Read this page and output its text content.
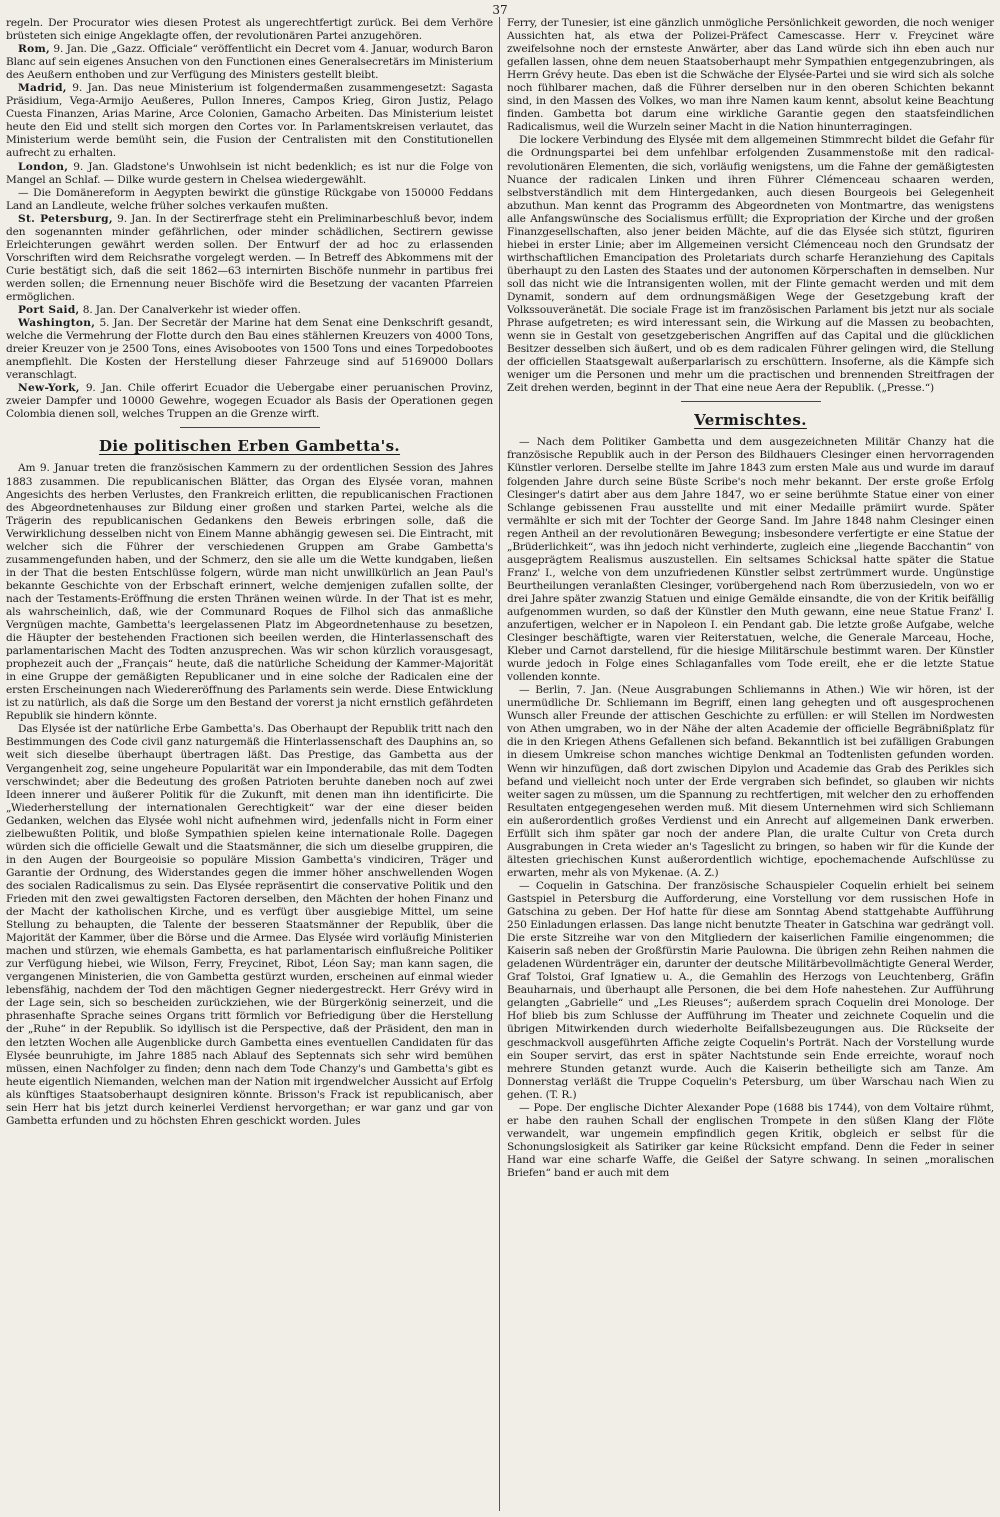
37

regeln. Der Procurator wies diesen Protest als ungerechtfertigt zurück. Bei dem Verhöre brüsteten sich einige Angeklagte offen, der revolutionären Partei anzugehören.

Rom, 9. Jan. Die „Gazz. Officiale“ veröffentlicht ein Decret vom 4. Januar, wodurch Baron Blanc auf sein eigenes Ansuchen von den Functionen eines Generalsecretärs im Ministerium des Aeußern enthoben und zur Verfügung des Ministers gestellt bleibt.

Madrid, 9. Jan. Das neue Ministerium ist folgendermaßen zusammengesetzt: Sagasta Präsidium, Vega-Armijo Aeußeres, Pullon Inneres, Campos Krieg, Giron Justiz, Pelago Cuesta Finanzen, Arias Marine, Arce Colonien, Gamacho Arbeiten. Das Ministerium leistet heute den Eid und stellt sich morgen den Cortes vor. In Parlamentskreisen verlautet, das Ministerium werde bemüht sein, die Fusion der Centralisten mit den Constitutionellen aufrecht zu erhalten.

London, 9. Jan. Gladstone's Unwohlsein ist nicht bedenklich; es ist nur die Folge von Mangel an Schlaf. — Dilke wurde gestern in Chelsea wiedergewählt.

— Die Domänereform in Aegypten bewirkt die günstige Rückgabe von 150000 Feddans Land an Landleute, welche früher solches verkaufen mußten.

St. Petersburg, 9. Jan. In der Sectirerfrage steht ein Preliminarbeschluß bevor, indem den sogenannten minder gefährlichen, oder minder schädlichen, Sectirern gewisse Erleichterungen gewährt werden sollen. Der Entwurf der ad hoc zu erlassenden Vorschriften wird dem Reichsrathe vorgelegt werden. — In Betreff des Abkommens mit der Curie bestätigt sich, daß die seit 1862—63 internirten Bischöfe nunmehr in partibus frei werden sollen; die Ernennung neuer Bischöfe wird die Besetzung der vacanten Pfarreien ermöglichen.

Port Said, 8. Jan. Der Canalverkehr ist wieder offen.

Washington, 5. Jan. Der Secretär der Marine hat dem Senat eine Denkschrift gesandt, welche die Vermehrung der Flotte durch den Bau eines stählernen Kreuzers von 4000 Tons, dreier Kreuzer von je 2500 Tons, eines Avisobootes von 1500 Tons und eines Torpedobootes anempfiehlt. Die Kosten der Herstellung dieser Fahrzeuge sind auf 5169000 Dollars veranschlagt.

New-York, 9. Jan. Chile offerirt Ecuador die Uebergabe einer peruanischen Provinz, zweier Dampfer und 10000 Gewehre, wogegen Ecuador als Basis der Operationen gegen Colombia dienen soll, welches Truppen an die Grenze wirft.

Die politischen Erben Gambetta's.

Am 9. Januar treten die französischen Kammern zu der ordentlichen Session des Jahres 1883 zusammen. Die republicanischen Blätter, das Organ des Elysée voran, mahnen Angesichts des herben Verlustes, den Frankreich erlitten, die republicanischen Fractionen des Abgeordnetenhauses zur Bildung einer großen und starken Partei, welche als die Trägerin des republicanischen Gedankens den Beweis erbringen solle, daß die Verwirklichung desselben nicht von Einem Manne abhängig gewesen sei. Die Eintracht, mit welcher sich die Führer der verschiedenen Gruppen am Grabe Gambetta's zusammengefunden haben, und der Schmerz, den sie alle um die Wette kundgaben, ließen in der That die besten Entschlüsse folgern, würde man nicht unwillkürlich an Jean Paul's bekannte Geschichte von der Erbschaft erinnert, welche demjenigen zufallen sollte, der nach der Testaments-Eröffnung die ersten Thränen weinen würde. In der That ist es mehr, als wahrscheinlich, daß, wie der Communard Roques de Filhol sich das anmaßliche Vergnügen machte, Gambetta's leergelassenen Platz im Abgeordnetenhause zu besetzen, die Häupter der bestehenden Fractionen sich beeilen werden, die Hinterlassenschaft des parlamentarischen Macht des Todten anzusprechen. Was wir schon kürzlich vorausgesagt, prophezeit auch der „Français“ heute, daß die natürliche Scheidung der Kammer-Majorität in eine Gruppe der gemäßigten Republicaner und in eine solche der Radicalen eine der ersten Erscheinungen nach Wiedereröffnung des Parlaments sein werde. Diese Entwicklung ist zu natürlich, als daß die Sorge um den Bestand der vorerst ja nicht ernstlich gefährdeten Republik sie hindern könnte.

Das Elysée ist der natürliche Erbe Gambetta's. Das Oberhaupt der Republik tritt nach den Bestimmungen des Code civil ganz naturgemäß die Hinterlassenschaft des Dauphins an, so weit sich dieselbe überhaupt übertragen läßt. Das Prestige, das Gambetta aus der Vergangenheit zog, seine ungeheure Popularität war ein Imponderabile, das mit dem Todten verschwindet; aber die Bedeutung des großen Patrioten beruhte daneben noch auf zwei Ideen innerer und äußerer Politik für die Zukunft, mit denen man ihn identificirte. Die „Wiederherstellung der internationalen Gerechtigkeit“ war der eine dieser beiden Gedanken, welchen das Elysée wohl nicht aufnehmen wird, jedenfalls nicht in Form einer zielbewußten Politik, und bloße Sympathien spielen keine internationale Rolle. Dagegen würden sich die officielle Gewalt und die Staatsmänner, die sich um dieselbe gruppiren, die in den Augen der Bourgeoisie so populäre Mission Gambetta's vindiciren, Träger und Garantie der Ordnung, des Widerstandes gegen die immer höher anschwellenden Wogen des socialen Radicalismus zu sein. Das Elysée repräsentirt die conservative Politik und den Frieden mit den zwei gewaltigsten Factoren derselben, den Mächten der hohen Finanz und der Macht der katholischen Kirche, und es verfügt über ausgiebige Mittel, um seine Stellung zu behaupten, die Talente der besseren Staatsmänner der Republik, über die Majorität der Kammer, über die Börse und die Armee. Das Elysée wird vorläufig Ministerien machen und stürzen, wie ehemals Gambetta, es hat parlamentarisch einflußreiche Politiker zur Verfügung hiebei, wie Wilson, Ferry, Freycinet, Ribot, Léon Say; man kann sagen, die vergangenen Ministerien, die von Gambetta gestürzt wurden, erscheinen auf einmal wieder lebensfähig, nachdem der Tod den mächtigen Gegner niedergestreckt. Herr Grévy wird in der Lage sein, sich so bescheiden zurückziehen, wie der Bürgerkönig seinerzeit, und die phrasenhafte Sprache seines Organs tritt förmlich vor Befriedigung über die Herstellung der „Ruhe“ in der Republik. So idyllisch ist die Perspective, daß der Präsident, den man in den letzten Wochen alle Augenblicke durch Gambetta eines eventuellen Candidaten für das Elysée beunruhigte, im Jahre 1885 nach Ablauf des Septennats sich sehr wird bemühen müssen, einen Nachfolger zu finden; denn nach dem Tode Chanzy's und Gambetta's gibt es heute eigentlich Niemanden, welchen man der Nation mit irgendwelcher Aussicht auf Erfolg als künftiges Staatsoberhaupt designiren könnte. Brisson's Frack ist republicanisch, aber sein Herr hat bis jetzt durch keinerlei Verdienst hervorgethan; er war ganz und gar von Gambetta erfunden und zu höchsten Ehren geschickt worden. Jules

Ferry, der Tunesier, ist eine gänzlich unmögliche Persönlichkeit geworden, die noch weniger Aussichten hat, als etwa der Polizei-Präfect Camescasse. Herr v. Freycinet wäre zweifelsohne noch der ernsteste Anwärter, aber das Land würde sich ihn eben auch nur gefallen lassen, ohne dem neuen Staatsoberhaupt mehr Sympathien entgegenzubringen, als Herrn Grévy heute. Das eben ist die Schwäche der Elysée-Partei und sie wird sich als solche noch fühlbarer machen, daß die Führer derselben nur in den oberen Schichten bekannt sind, in den Massen des Volkes, wo man ihre Namen kaum kennt, absolut keine Beachtung finden. Gambetta bot darum eine wirkliche Garantie gegen den staatsfeindlichen Radicalismus, weil die Wurzeln seiner Macht in die Nation hinunterragingen.

Die lockere Verbindung des Elysée mit dem allgemeinen Stimmrecht bildet die Gefahr für die Ordnungspartei bei dem unfehlbar erfolgenden Zusammenstoße mit den radical-revolutionären Elementen, die sich, vorläufig wenigstens, um die Fahne der gemäßigtesten Nuance der radicalen Linken und ihren Führer Clémenceau schaaren werden, selbstverständlich mit dem Hintergedanken, auch diesen Bourgeois bei Gelegenheit abzuthun. Man kennt das Programm des Abgeordneten von Montmartre, das wenigstens alle Anfangswünsche des Socialismus erfüllt; die Expropriation der Kirche und der großen Finanzgesellschaften, also jener beiden Mächte, auf die das Elysée sich stützt, figuriren hiebei in erster Linie; aber im Allgemeinen versicht Clémenceau noch den Grundsatz der wirthschaftlichen Emancipation des Proletariats durch scharfe Heranziehung des Capitals überhaupt zu den Lasten des Staates und der autonomen Körperschaften in demselben. Nur soll das nicht wie die Intransigenten wollen, mit der Flinte gemacht werden und mit dem Dynamit, sondern auf dem ordnungsmäßigen Wege der Gesetzgebung kraft der Volkssouveränetät. Die sociale Frage ist im französischen Parlament bis jetzt nur als sociale Phrase aufgetreten; es wird interessant sein, die Wirkung auf die Massen zu beobachten, wenn sie in Gestalt von gesetzgeberischen Angriffen auf das Capital und die glücklichen Besitzer desselben sich äußert, und ob es dem radicalen Führer gelingen wird, die Stellung der officiellen Staatsgewalt außerparlarisch zu erschüttern. Insoferne, als die Kämpfe sich weniger um die Personen und mehr um die practischen und brennenden Streitfragen der Zeit drehen werden, beginnt in der That eine neue Aera der Republik. („Presse.“)

Vermischtes.

— Nach dem Politiker Gambetta und dem ausgezeichneten Militär Chanzy hat die französische Republik auch in der Person des Bildhauers Clesinger einen hervorragenden Künstler verloren. Derselbe stellte im Jahre 1843 zum ersten Male aus und wurde im darauf folgenden Jahre durch seine Büste Scribe's noch mehr bekannt. Der erste große Erfolg Clesinger's datirt aber aus dem Jahre 1847, wo er seine berühmte Statue einer von einer Schlange gebissenen Frau ausstellte und mit einer Medaille prämiirt wurde. Später vermählte er sich mit der Tochter der George Sand. Im Jahre 1848 nahm Clesinger einen regen Antheil an der revolutionären Bewegung; insbesondere verfertigte er eine Statue der „Brüderlichkeit“, was ihn jedoch nicht verhinderte, zugleich eine „liegende Bacchantin“ von ausgeprägtem Realismus auszustellen. Ein seltsames Schicksal hatte später die Statue Franz' I., welche von dem unzufriedenen Künstler selbst zertrümmert wurde. Ungünstige Beurtheilungen veranlaßten Clesinger, vorübergehend nach Rom überzusiedeln, von wo er drei Jahre später zwanzig Statuen und einige Gemälde einsandte, die von der Kritik beifällig aufgenommen wurden, so daß der Künstler den Muth gewann, eine neue Statue Franz' I. anzufertigen, welcher er in Napoleon I. ein Pendant gab. Die letzte große Aufgabe, welche Clesinger beschäftigte, waren vier Reiterstatuen, welche, die Generale Marceau, Hoche, Kleber und Carnot darstellend, für die hiesige Militärschule bestimmt waren. Der Künstler wurde jedoch in Folge eines Schlaganfalles vom Tode ereilt, ehe er die letzte Statue vollenden konnte.

— Berlin, 7. Jan. (Neue Ausgrabungen Schliemanns in Athen.) Wie wir hören, ist der unermüdliche Dr. Schliemann im Begriff, einen lang gehegten und oft ausgesprochenen Wunsch aller Freunde der attischen Geschichte zu erfüllen: er will Stellen im Nordwesten von Athen umgraben, wo in der Nähe der alten Academie der officielle Begräbnißplatz für die in den Kriegen Athens Gefallenen sich befand. Bekanntlich ist bei zufälligen Grabungen in diesem Umkreise schon manches wichtige Denkmal an Todtenlisten gefunden worden. Wenn wir hinzufügen, daß dort zwischen Dipylon und Academie das Grab des Perikles sich befand und vielleicht noch unter der Erde vergraben sich befindet, so glauben wir nichts weiter sagen zu müssen, um die Spannung zu rechtfertigen, mit welcher den zu erhoffenden Resultaten entgegengesehen werden muß. Mit diesem Unternehmen wird sich Schliemann ein außerordentlich großes Verdienst und ein Anrecht auf allgemeinen Dank erwerben. Erfüllt sich ihm später gar noch der andere Plan, die uralte Cultur von Creta durch Ausgrabungen in Creta wieder an's Tageslicht zu bringen, so haben wir für die Kunde der ältesten griechischen Kunst außerordentlich wichtige, epochemachende Aufschlüsse zu erwarten, mehr als von Mykenae. (A. Z.)

— Coquelin in Gatschina. Der französische Schauspieler Coquelin erhielt bei seinem Gastspiel in Petersburg die Aufforderung, eine Vorstellung vor dem russischen Hofe in Gatschina zu geben. Der Hof hatte für diese am Sonntag Abend stattgehabte Aufführung 250 Einladungen erlassen. Das lange nicht benutzte Theater in Gatschina war gedrängt voll. Die erste Sitzreihe war von den Mitgliedern der kaiserlichen Familie eingenommen; die Kaiserin saß neben der Großfürstin Marie Paulowna. Die übrigen zehn Reihen nahmen die geladenen Würdenträger ein, darunter der deutsche Militärbevollmächtigte General Werder, Graf Tolstoi, Graf Ignatiew u. A., die Gemahlin des Herzogs von Leuchtenberg, Gräfin Beauharnais, und überhaupt alle Personen, die bei dem Hofe nahestehen. Zur Aufführung gelangten „Gabrielle“ und „Les Rieuses“; außerdem sprach Coquelin drei Monologe. Der Hof blieb bis zum Schlusse der Aufführung im Theater und zeichnete Coquelin und die übrigen Mitwirkenden durch wiederholte Beifallsbezeugungen aus. Die Rückseite der geschmackvoll ausgeführten Affiche zeigte Coquelin's Porträt. Nach der Vorstellung wurde ein Souper servirt, das erst in später Nachtstunde sein Ende erreichte, worauf noch mehrere Stunden getanzt wurde. Auch die Kaiserin betheiligte sich am Tanze. Am Donnerstag verläßt die Truppe Coquelin's Petersburg, um über Warschau nach Wien zu gehen. (T. R.)

— Pope. Der englische Dichter Alexander Pope (1688 bis 1744), von dem Voltaire rühmt, er habe den rauhen Schall der englischen Trompete in den süßen Klang der Flöte verwandelt, war ungemein empfindlich gegen Kritik, obgleich er selbst für die Schonungslosigkeit als Satiriker gar keine Rücksicht empfand. Denn die Feder in seiner Hand war eine scharfe Waffe, die Geißel der Satyre schwang. In seinen „moralischen Briefen“ band er auch mit dem
